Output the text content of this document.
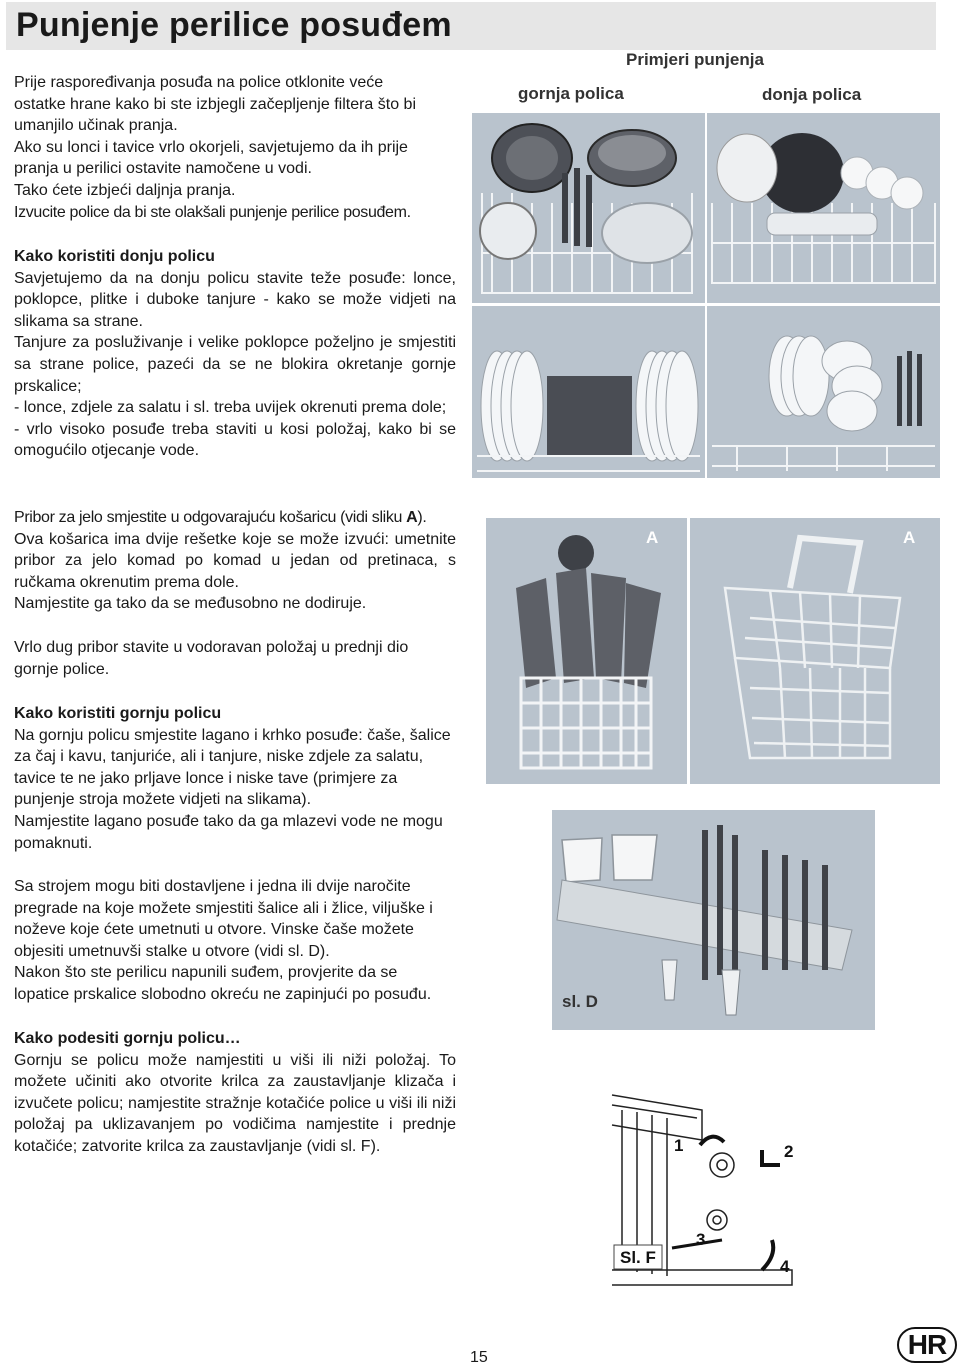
Punjenje perilice posuđem

Prije raspoređivanja posuđa na police otklonite veće

ostatke hrane kako bi ste izbjegli začepljenje filtera što bi

umanjilo učinak pranja.

Ako su lonci i tavice vrlo okorjeli, savjetujemo da ih prije

pranja u perilici ostavite namočene u vodi.

Tako ćete izbjeći daljnja pranja.

Izvucite police da bi ste olakšali punjenje perilice posuđem.

Kako koristiti donju policu

Savjetujemo da na donju policu stavite teže posuđe: lonce, poklopce, plitke i duboke tanjure - kako se može vidjeti na slikama sa strane.

Tanjure za posluživanje i velike poklopce poželjno je smjestiti sa strane police, pazeći da se ne blokira okretanje gornje prskalice;

- lonce, zdjele za salatu i sl. treba uvijek okrenuti prema dole;

- vrlo visoko posuđe treba staviti u kosi položaj, kako bi se omogućilo otjecanje vode.

Pribor za jelo smjestite u odgovarajuću košaricu (vidi sliku A).

Ova košarica ima dvije rešetke koje se može izvući: umetnite pribor za jelo komad po komad u jedan od pretinaca, s ručkama okrenutim prema dole.

Namjestite ga tako da se međusobno ne dodiruje.

Vrlo dug pribor stavite u vodoravan položaj u prednji dio gornje police.

Kako koristiti gornju policu

Na gornju policu smjestite lagano i krhko posuđe: čaše, šalice za čaj i kavu, tanjuriće, ali i tanjure, niske zdjele za salatu, tavice te ne jako prljave lonce i niske tave (primjere za punjenje stroja možete vidjeti na slikama).

Namjestite lagano posuđe tako da ga mlazevi vode ne mogu pomaknuti.

Sa strojem mogu biti dostavljene i jedna ili dvije naročite pregrade na koje možete smjestiti šalice ali i žlice, viljuške i noževe koje ćete umetnuti u otvore. Vinske čaše možete objesiti umetnuvši stalke u otvore (vidi sl. D).

Nakon što ste perilicu napunili suđem, provjerite da se lopatice prskalice slobodno okreću ne zapinjući po posuđu.

Kako podesiti gornju policu…

Gornju se policu može namjestiti u viši ili niži položaj. To možete učiniti ako otvorite krilca za zaustavljanje klizača i izvučete policu; namjestite stražnje kotačiće police u viši ili niži položaj pa uklizavanjem po vodičima namjestite i prednje kotačiće; zatvorite krilca za zaustavljanje (vidi sl. F).

Primjeri punjenja
gornja polica	donja polica
A	A
sl. D
1	2
3
4
Sl. F
15	HR
